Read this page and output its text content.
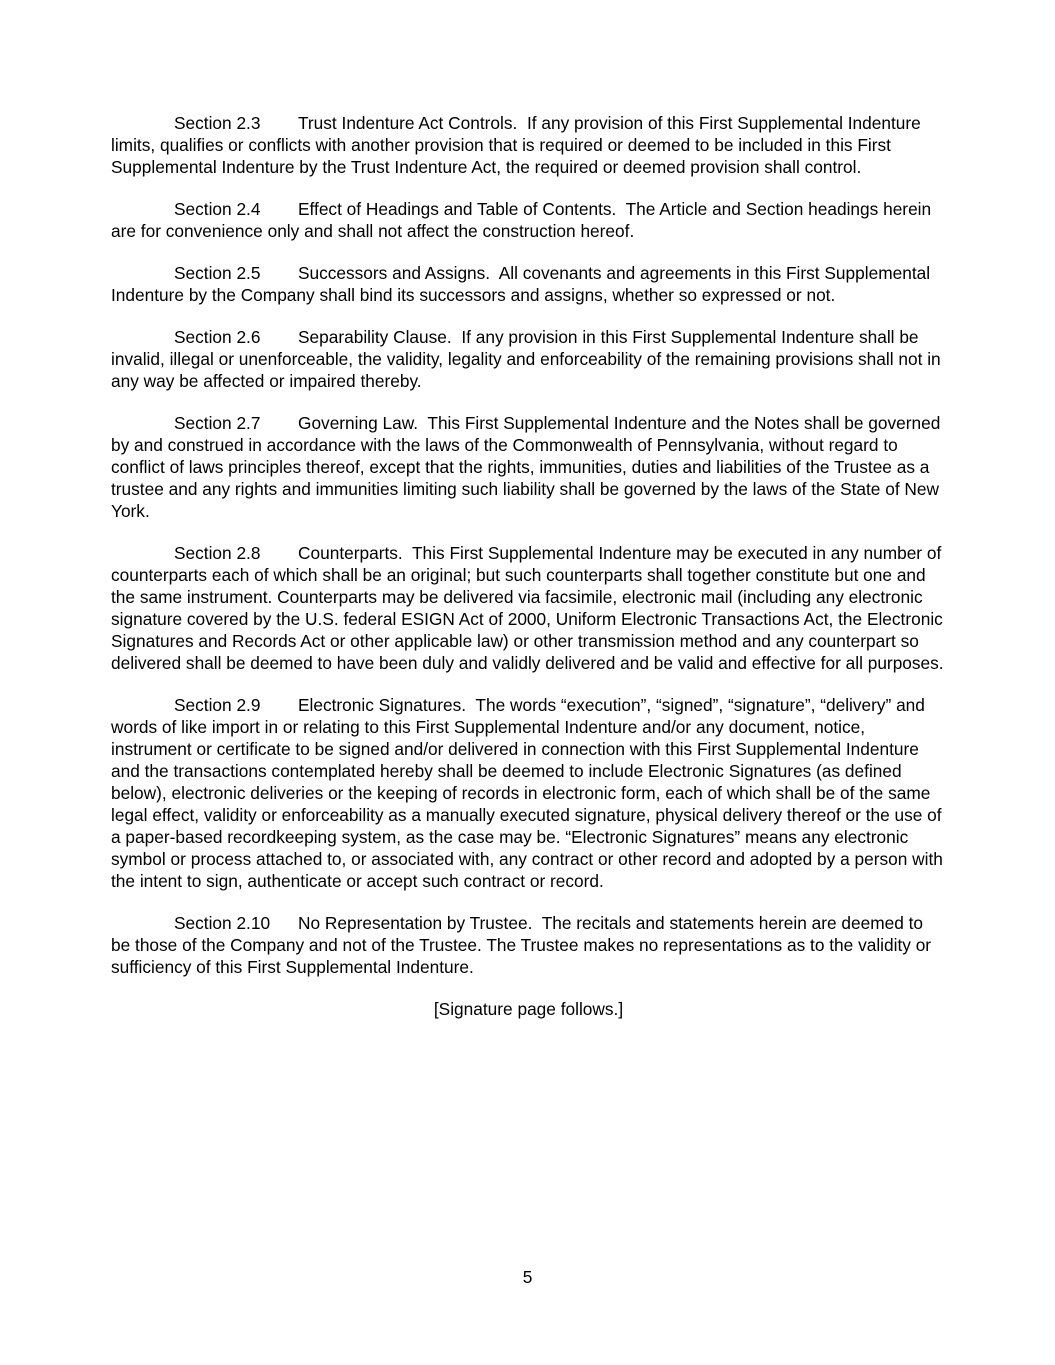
Section 2.3 Trust Indenture Act Controls. If any provision of this First Supplemental Indenture limits, qualifies or conflicts with another provision that is required or deemed to be included in this First Supplemental Indenture by the Trust Indenture Act, the required or deemed provision shall control.

Section 2.4 Effect of Headings and Table of Contents. The Article and Section headings herein are for convenience only and shall not affect the construction hereof.

Section 2.5 Successors and Assigns. All covenants and agreements in this First Supplemental Indenture by the Company shall bind its successors and assigns, whether so expressed or not.

Section 2.6 Separability Clause. If any provision in this First Supplemental Indenture shall be invalid, illegal or unenforceable, the validity, legality and enforceability of the remaining provisions shall not in any way be affected or impaired thereby.

Section 2.7 Governing Law. This First Supplemental Indenture and the Notes shall be governed by and construed in accordance with the laws of the Commonwealth of Pennsylvania, without regard to conflict of laws principles thereof, except that the rights, immunities, duties and liabilities of the Trustee as a trustee and any rights and immunities limiting such liability shall be governed by the laws of the State of New York.

Section 2.8 Counterparts. This First Supplemental Indenture may be executed in any number of counterparts each of which shall be an original; but such counterparts shall together constitute but one and the same instrument. Counterparts may be delivered via facsimile, electronic mail (including any electronic signature covered by the U.S. federal ESIGN Act of 2000, Uniform Electronic Transactions Act, the Electronic Signatures and Records Act or other applicable law) or other transmission method and any counterpart so delivered shall be deemed to have been duly and validly delivered and be valid and effective for all purposes.

Section 2.9 Electronic Signatures. The words “execution”, “signed”, “signature”, “delivery” and words of like import in or relating to this First Supplemental Indenture and/or any document, notice, instrument or certificate to be signed and/or delivered in connection with this First Supplemental Indenture and the transactions contemplated hereby shall be deemed to include Electronic Signatures (as defined below), electronic deliveries or the keeping of records in electronic form, each of which shall be of the same legal effect, validity or enforceability as a manually executed signature, physical delivery thereof or the use of a paper-based recordkeeping system, as the case may be. “Electronic Signatures” means any electronic symbol or process attached to, or associated with, any contract or other record and adopted by a person with the intent to sign, authenticate or accept such contract or record.

Section 2.10 No Representation by Trustee. The recitals and statements herein are deemed to be those of the Company and not of the Trustee. The Trustee makes no representations as to the validity or sufficiency of this First Supplemental Indenture.

[Signature page follows.]

5
